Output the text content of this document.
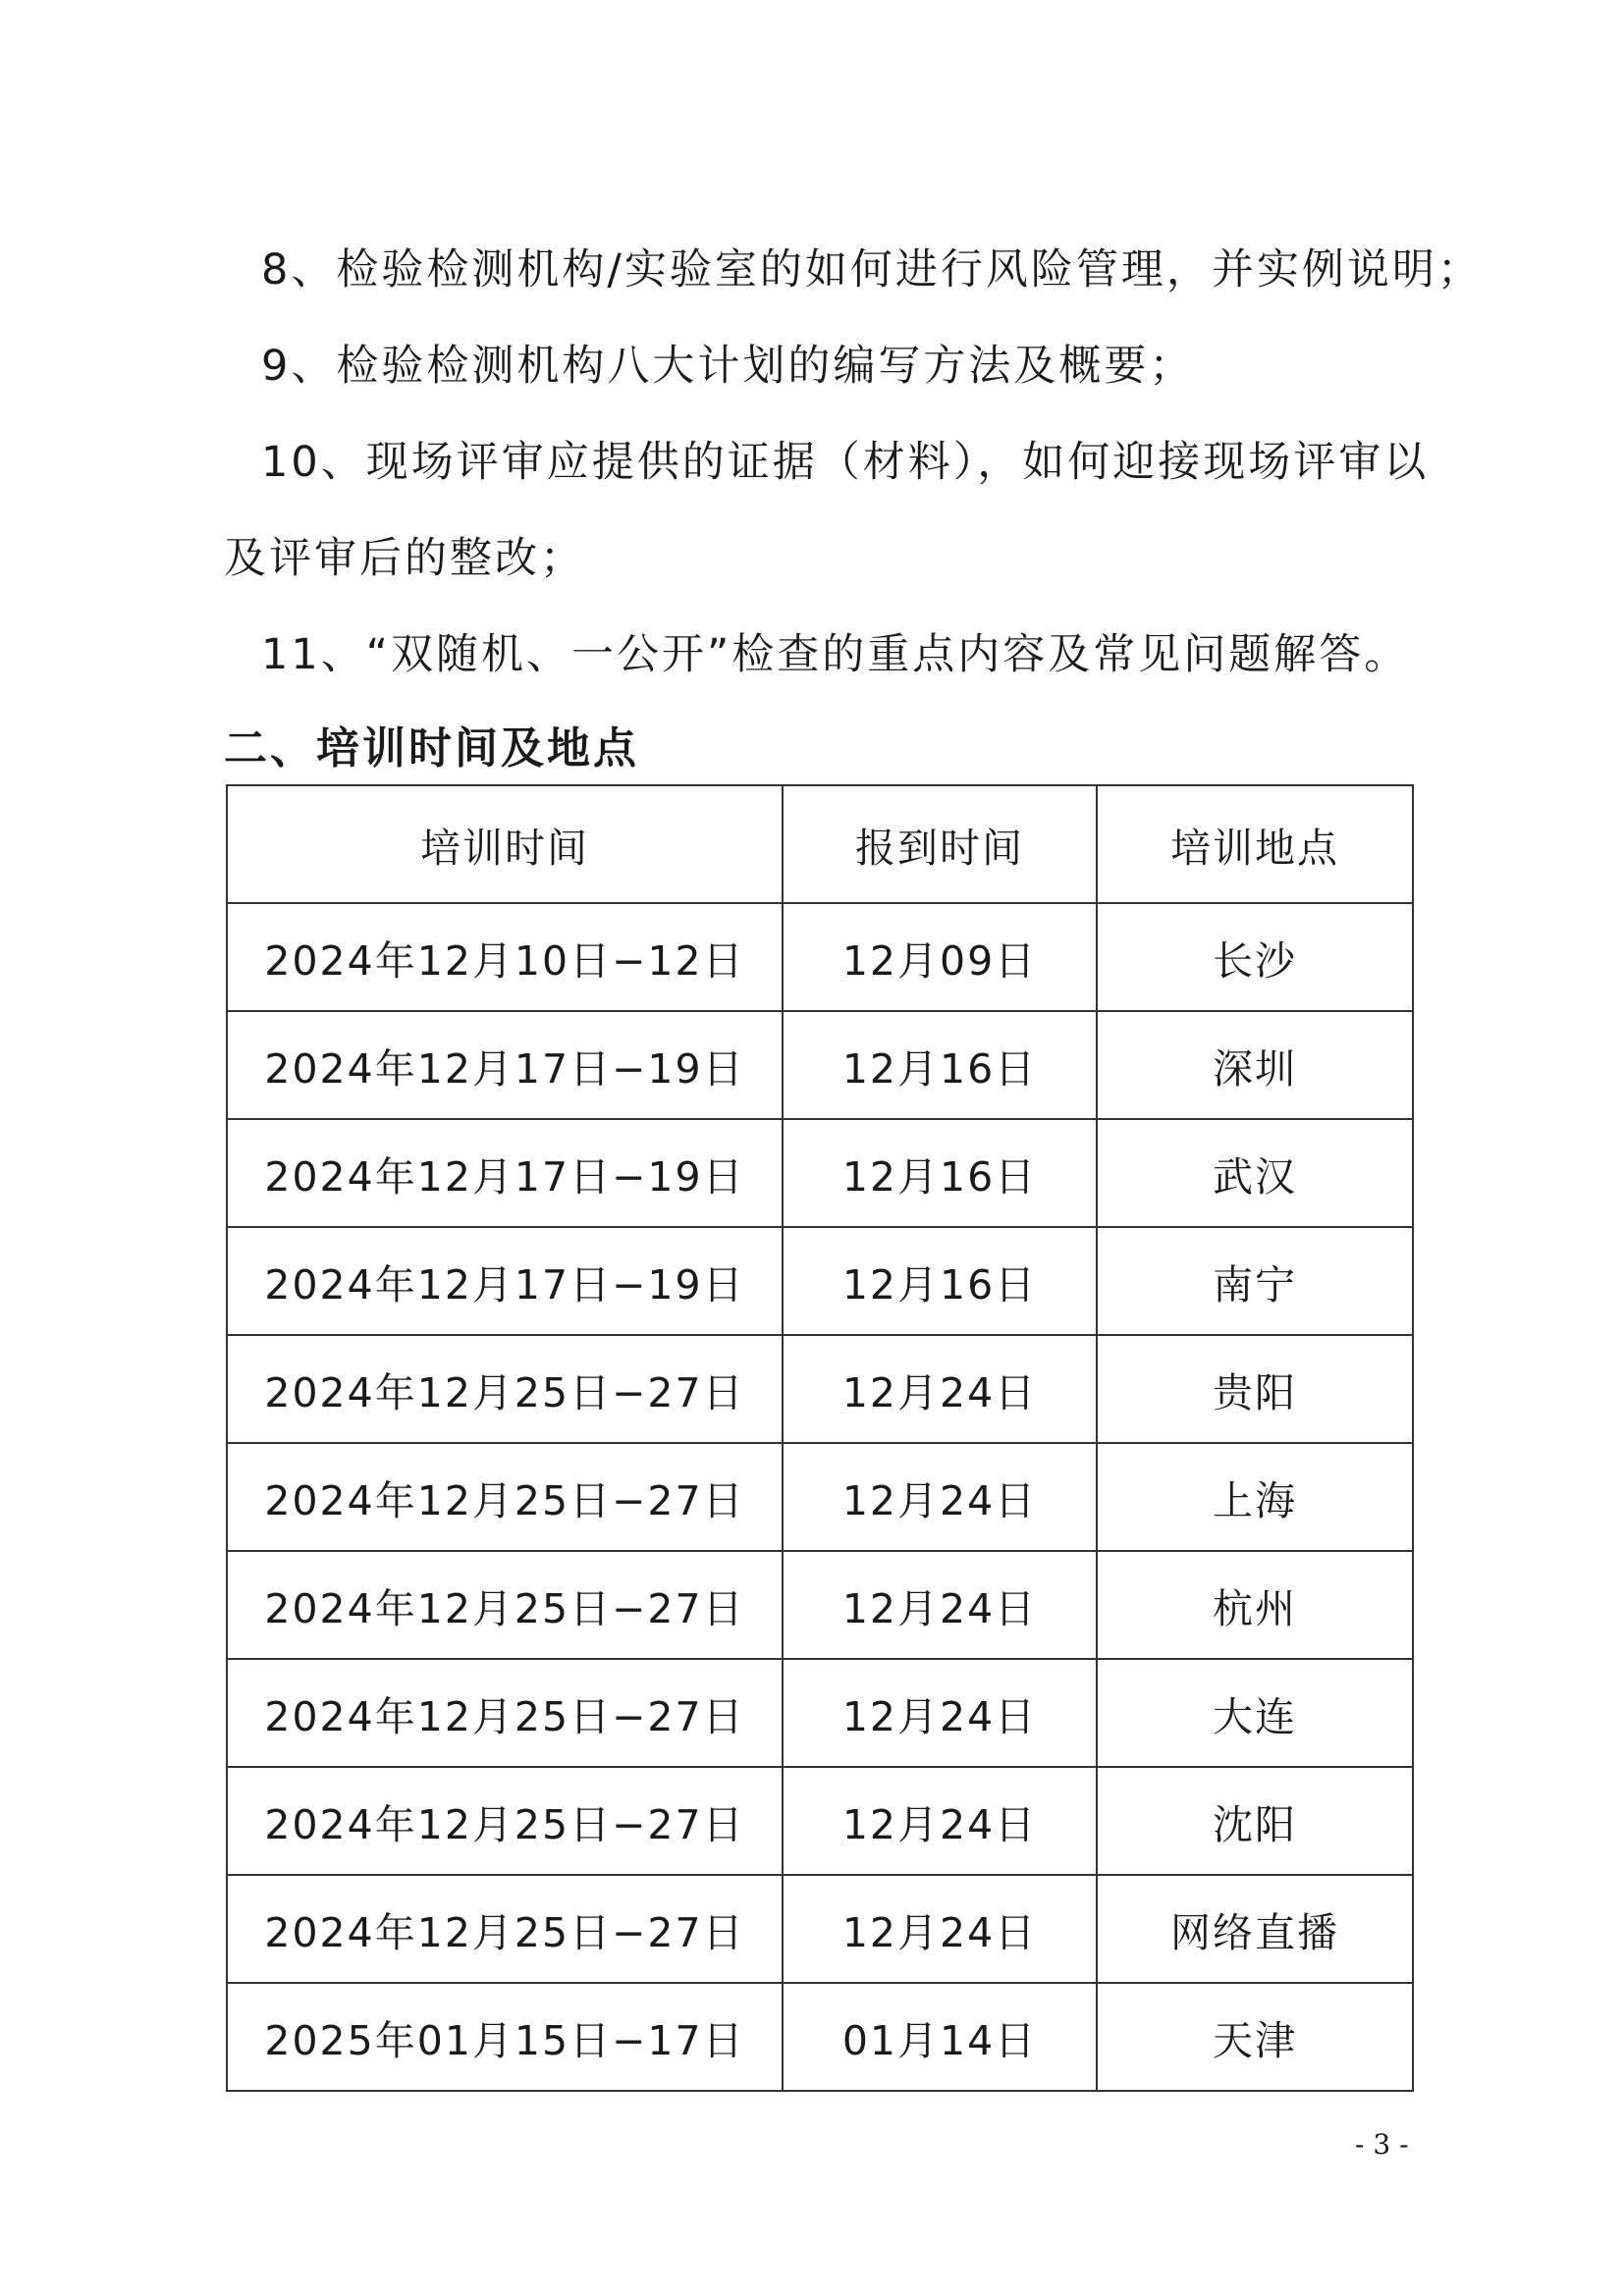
8、检验检测机构/实验室的如何进行风险管理，并实例说明；
9、检验检测机构八大计划的编写方法及概要；
10、现场评审应提供的证据（材料），如何迎接现场评审以
及评审后的整改；
11、“双随机、一公开”检查的重点内容及常见问题解答。
二、培训时间及地点
培训时间	报到时间	培训地点
2024年12月10日−12日	12月09日	长沙
2024年12月17日−19日	12月16日	深圳
2024年12月17日−19日	12月16日	武汉
2024年12月17日−19日	12月16日	南宁
2024年12月25日−27日	12月24日	贵阳
2024年12月25日−27日	12月24日	上海
2024年12月25日−27日	12月24日	杭州
2024年12月25日−27日	12月24日	大连
2024年12月25日−27日	12月24日	沈阳
2024年12月25日−27日	12月24日	网络直播
2025年01月15日−17日	01月14日	天津
- 3 -
